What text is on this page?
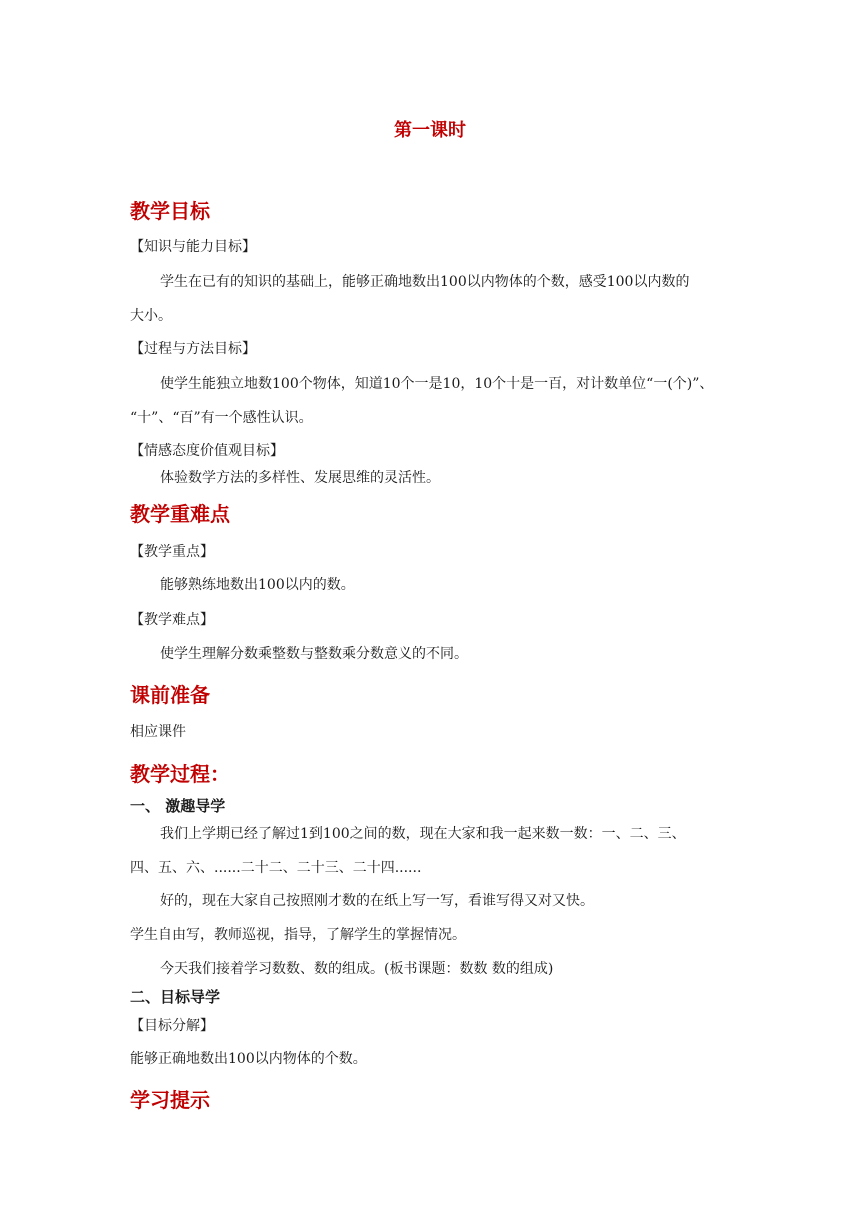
第一课时
教学目标
【知识与能力目标】
学生在已有的知识的基础上，能够正确地数出100以内物体的个数，感受100以内数的
大小。
【过程与方法目标】
使学生能独立地数100个物体，知道10个一是10，10个十是一百，对计数单位“一(个)”、
“十”、“百”有一个感性认识。
【情感态度价值观目标】
体验数学方法的多样性、发展思维的灵活性。
教学重难点
【教学重点】
能够熟练地数出100以内的数。
【教学难点】
使学生理解分数乘整数与整数乘分数意义的不同。
课前准备
相应课件
教学过程：
一、 激趣导学
我们上学期已经了解过1到100之间的数，现在大家和我一起来数一数：一、二、三、
四、五、六、......二十二、二十三、二十四......
好的，现在大家自己按照刚才数的在纸上写一写，看谁写得又对又快。
学生自由写，教师巡视，指导，了解学生的掌握情况。
今天我们接着学习数数、数的组成。(板书课题：数数 数的组成)
二、目标导学
【目标分解】
能够正确地数出100以内物体的个数。
学习提示
